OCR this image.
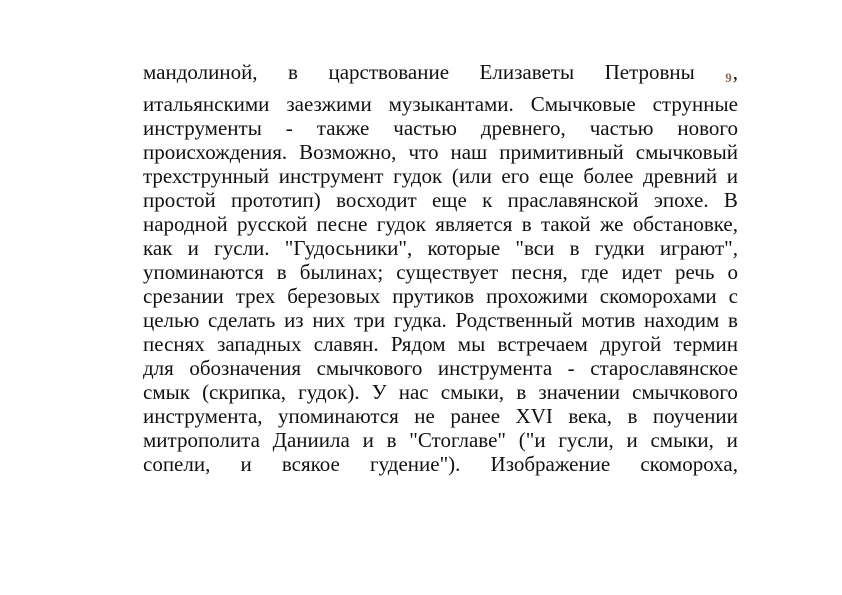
мандолиной, в царствование Елизаветы Петровны 9,
итальянскими заезжими музыкантами. Смычковые струнные
инструменты - также частью древнего, частью нового
происхождения. Возможно, что наш примитивный смычковый
трехструнный инструмент гудок (или его еще более древний и
простой прототип) восходит еще к праславянской эпохе. В
народной русской песне гудок является в такой же обстановке,
как и гусли. "Гудосьники", которые "вси в гудки играют",
упоминаются в былинах; существует песня, где идет речь о
срезании трех березовых прутиков прохожими скоморохами с
целью сделать из них три гудка. Родственный мотив находим в
песнях западных славян. Рядом мы встречаем другой термин
для обозначения смычкового инструмента - старославянское
смык (скрипка, гудок). У нас смыки, в значении смычкового
инструмента, упоминаются не ранее XVI века, в поучении
митрополита Даниила и в "Стоглаве" ("и гусли, и смыки, и
сопели, и всякое гудение"). Изображение скомороха,
